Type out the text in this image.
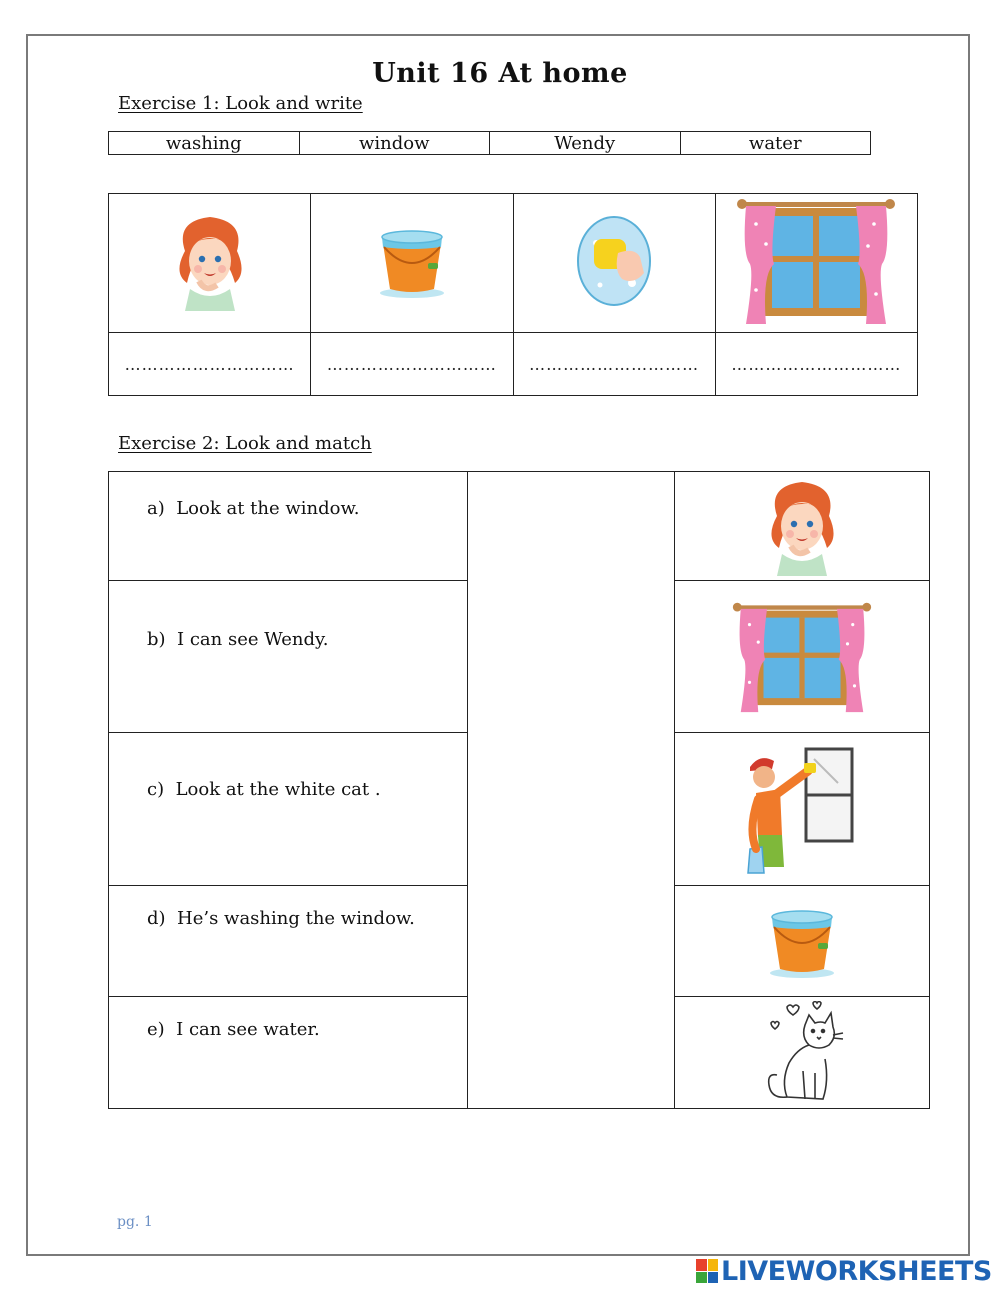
Unit 16 At home
Exercise 1: Look and write
washing	window	Wendy	water

…………………………	…………………………	…………………………	…………………………
Exercise 2: Look and match
a) Look at the window.

b) I can see Wendy.

c) Look at the white cat .

d) He’s washing the window.

e) I can see water.

pg. 1
LIVEWORKSHEETS
